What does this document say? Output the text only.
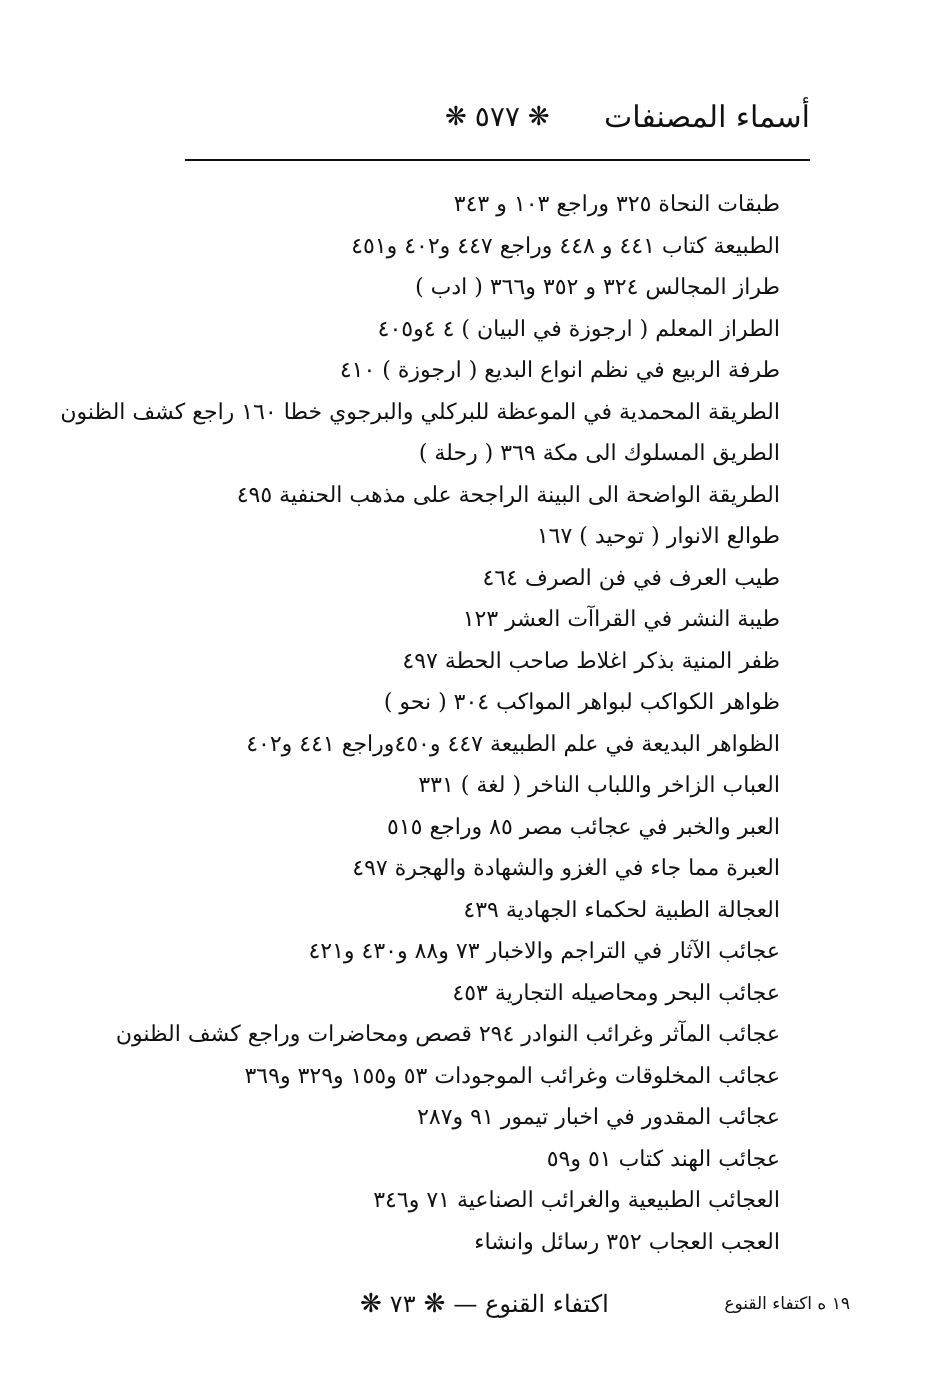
أسماء المصنفات
❋ ٥٧٧ ❋
طبقات النحاة ٣٢٥ وراجع ١٠٣ و ٣٤٣
الطبيعة كتاب ٤٤١ و ٤٤٨ وراجع ٤٤٧ و٤٠٢ و٤٥١
طراز المجالس ٣٢٤ و ٣٥٢ و٣٦٦ ( ادب )
الطراز المعلم ( ارجوزة في البيان ) ٤ ٤و٤٠٥
طرفة الربيع في نظم انواع البديع ( ارجوزة ) ٤١٠
الطريقة المحمدية في الموعظة للبركلي والبرجوي خطا ١٦٠ راجع كشف الظنون
الطريق المسلوك الى مكة ٣٦٩ ( رحلة )
الطريقة الواضحة الى البينة الراجحة على مذهب الحنفية ٤٩٥
طوالع الانوار ( توحيد ) ١٦٧
طيب العرف في فن الصرف ٤٦٤
طيبة النشر في القراآت العشر ١٢٣
ظفر المنية بذكر اغلاط صاحب الحطة ٤٩٧
ظواهر الكواكب لبواهر المواكب ٣٠٤ ( نحو )
الظواهر البديعة في علم الطبيعة ٤٤٧ و٤٥٠وراجع ٤٤١ و٤٠٢
العباب الزاخر واللباب الناخر ( لغة ) ٣٣١
العبر والخبر في عجائب مصر ٨٥ وراجع ٥١٥
العبرة مما جاء في الغزو والشهادة والهجرة ٤٩٧
العجالة الطبية لحكماء الجهادية ٤٣٩
عجائب الآثار في التراجم والاخبار ٧٣ و٨٨ و٤٣٠ و٤٢١
عجائب البحر ومحاصيله التجارية ٤٥٣
عجائب المآثر وغرائب النوادر ٢٩٤ قصص ومحاضرات وراجع كشف الظنون
عجائب المخلوقات وغرائب الموجودات ٥٣ و١٥٥ و٣٢٩ و٣٦٩
عجائب المقدور في اخبار تيمور ٩١ و٢٨٧
عجائب الهند كتاب ٥١ و٥٩
العجائب الطبيعية والغرائب الصناعية ٧١ و٣٤٦
العجب العجاب ٣٥٢ رسائل وانشاء
١٩ ه اكتفاء القنوع
اكتفاء القنوع —
❋
٧٣
❋
